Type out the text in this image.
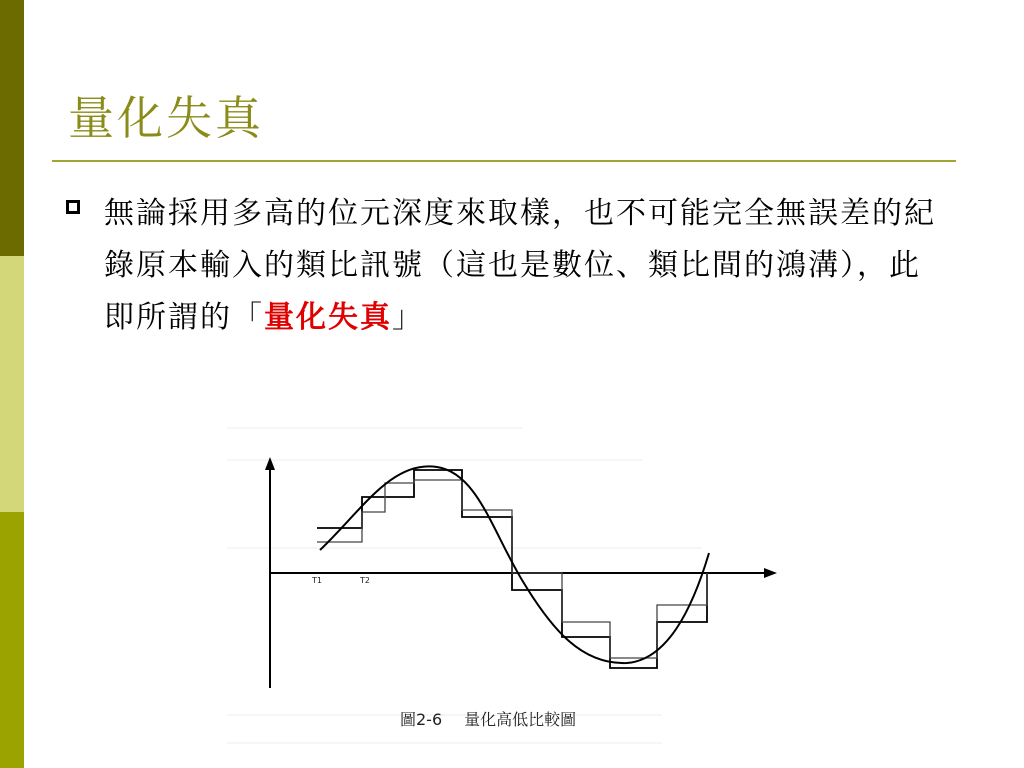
量化失真
無論採用多高的位元深度來取樣，也不可能完全無誤差的紀錄原本輸入的類比訊號（這也是數位、類比間的鴻溝），此即所謂的「量化失真」
T1	T2
圖2-6 量化高低比較圖
